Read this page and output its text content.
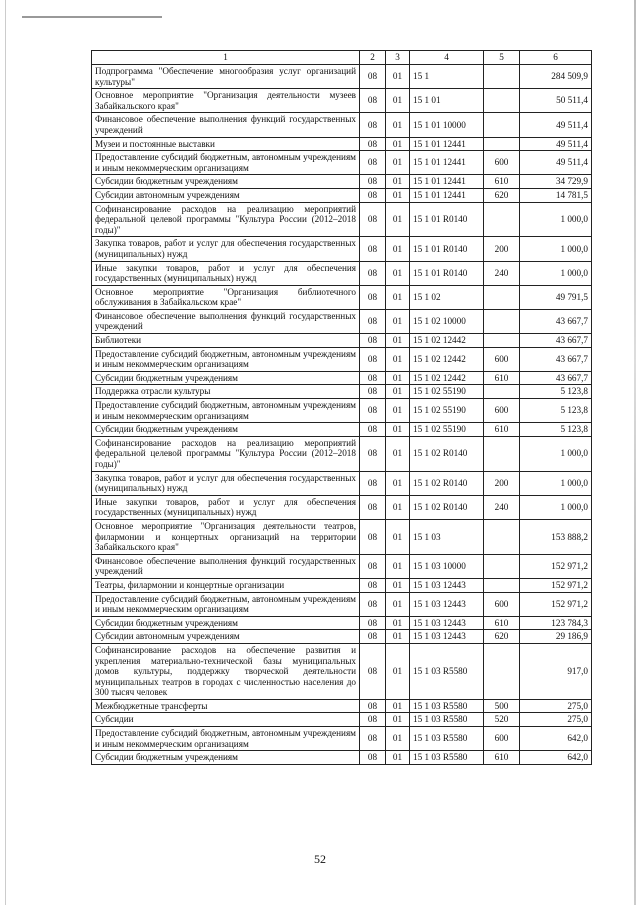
1	2	3	4	5	6
Подпрограмма "Обеспечение многообразия услуг организаций культуры"	08	01	15 1		284 509,9
Основное мероприятие "Организация деятельности музеев Забайкальского края"	08	01	15 1 01		50 511,4
Финансовое обеспечение выполнения функций государственных учреждений	08	01	15 1 01 10000		49 511,4
Музеи и постоянные выставки	08	01	15 1 01 12441		49 511,4
Предоставление субсидий бюджетным, автономным учреждениям и иным некоммерческим организациям	08	01	15 1 01 12441	600	49 511,4
Субсидии бюджетным учреждениям	08	01	15 1 01 12441	610	34 729,9
Субсидии автономным учреждениям	08	01	15 1 01 12441	620	14 781,5
Софинансирование расходов на реализацию мероприятий федеральной целевой программы "Культура России (2012–2018 годы)"	08	01	15 1 01 R0140		1 000,0
Закупка товаров, работ и услуг для обеспечения государственных (муниципальных) нужд	08	01	15 1 01 R0140	200	1 000,0
Иные закупки товаров, работ и услуг для обеспечения государственных (муниципальных) нужд	08	01	15 1 01 R0140	240	1 000,0
Основное мероприятие "Организация библиотечного обслуживания в Забайкальском крае"	08	01	15 1 02		49 791,5
Финансовое обеспечение выполнения функций государственных учреждений	08	01	15 1 02 10000		43 667,7
Библиотеки	08	01	15 1 02 12442		43 667,7
Предоставление субсидий бюджетным, автономным учреждениям и иным некоммерческим организациям	08	01	15 1 02 12442	600	43 667,7
Субсидии бюджетным учреждениям	08	01	15 1 02 12442	610	43 667,7
Поддержка отрасли культуры	08	01	15 1 02 55190		5 123,8
Предоставление субсидий бюджетным, автономным учреждениям и иным некоммерческим организациям	08	01	15 1 02 55190	600	5 123,8
Субсидии бюджетным учреждениям	08	01	15 1 02 55190	610	5 123,8
Софинансирование расходов на реализацию мероприятий федеральной целевой программы "Культура России (2012–2018 годы)"	08	01	15 1 02 R0140		1 000,0
Закупка товаров, работ и услуг для обеспечения государственных (муниципальных) нужд	08	01	15 1 02 R0140	200	1 000,0
Иные закупки товаров, работ и услуг для обеспечения государственных (муниципальных) нужд	08	01	15 1 02 R0140	240	1 000,0
Основное мероприятие "Организация деятельности театров, филармонии и концертных организаций на территории Забайкальского края"	08	01	15 1 03		153 888,2
Финансовое обеспечение выполнения функций государственных учреждений	08	01	15 1 03 10000		152 971,2
Театры, филармонии и концертные организации	08	01	15 1 03 12443		152 971,2
Предоставление субсидий бюджетным, автономным учреждениям и иным некоммерческим организациям	08	01	15 1 03 12443	600	152 971,2
Субсидии бюджетным учреждениям	08	01	15 1 03 12443	610	123 784,3
Субсидии автономным учреждениям	08	01	15 1 03 12443	620	29 186,9
Софинансирование расходов на обеспечение развития и укрепления материально-технической базы муниципальных домов культуры, поддержку творческой деятельности муниципальных театров в городах с численностью населения до 300 тысяч человек	08	01	15 1 03 R5580		917,0
Межбюджетные трансферты	08	01	15 1 03 R5580	500	275,0
Субсидии	08	01	15 1 03 R5580	520	275,0
Предоставление субсидий бюджетным, автономным учреждениям и иным некоммерческим организациям	08	01	15 1 03 R5580	600	642,0
Субсидии бюджетным учреждениям	08	01	15 1 03 R5580	610	642,0
52
